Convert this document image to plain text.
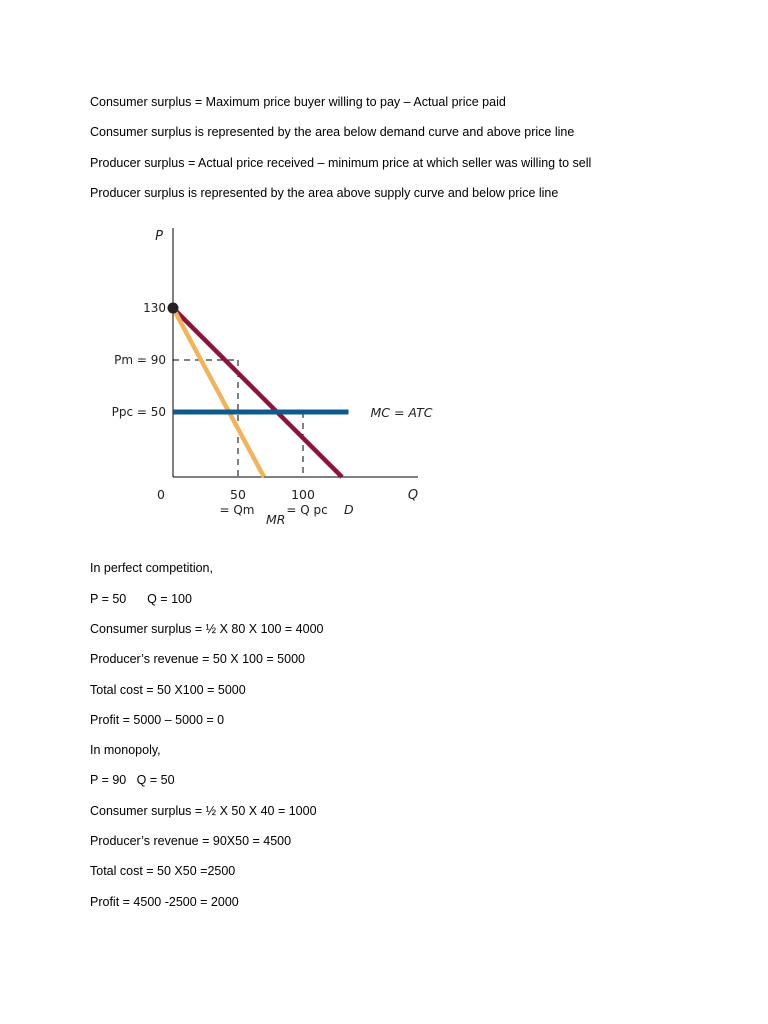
Consumer surplus = Maximum price buyer willing to pay – Actual price paid
Consumer surplus is represented by the area below demand curve and above price line
Producer surplus = Actual price received – minimum price at which seller was willing to sell
Producer surplus is represented by the area above supply curve and below price line
D
MR
MC = ATC
P
Q
0
130
Pm = 90
Ppc = 50
50
= Qm
100
= Q pc
In perfect competition,
P = 50      Q = 100
Consumer surplus = ½ X 80 X 100 = 4000
Producer’s revenue = 50 X 100 = 5000
Total cost = 50 X100 = 5000
Profit = 5000 – 5000 = 0
In monopoly,
P = 90   Q = 50
Consumer surplus = ½ X 50 X 40 = 1000
Producer’s revenue = 90X50 = 4500
Total cost = 50 X50 =2500
Profit = 4500 -2500 = 2000
